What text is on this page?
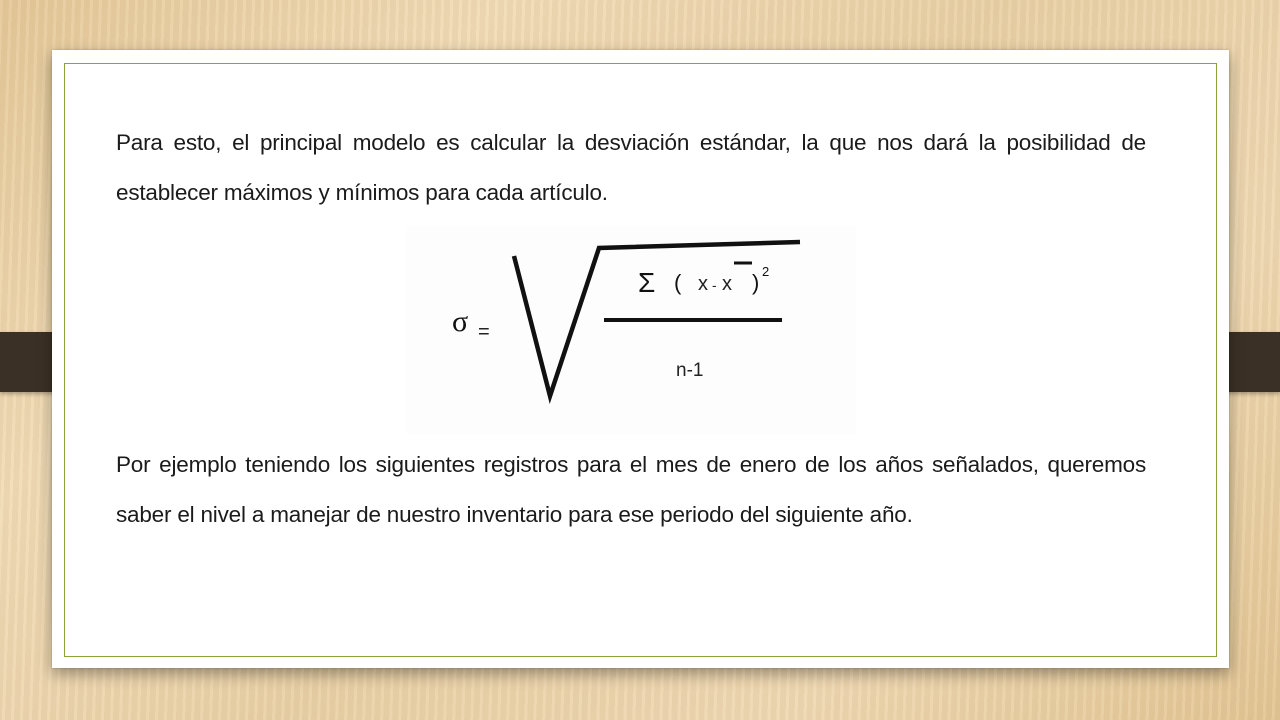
Para esto, el principal modelo es calcular la desviación estándar, la que nos dará la posibilidad de establecer máximos y mínimos para cada artículo.

σ =
Σ ( x - x ) 2
n-1

Por ejemplo teniendo los siguientes registros para el mes de enero de los años señalados, queremos saber el nivel a manejar de nuestro inventario para ese periodo del siguiente año.
